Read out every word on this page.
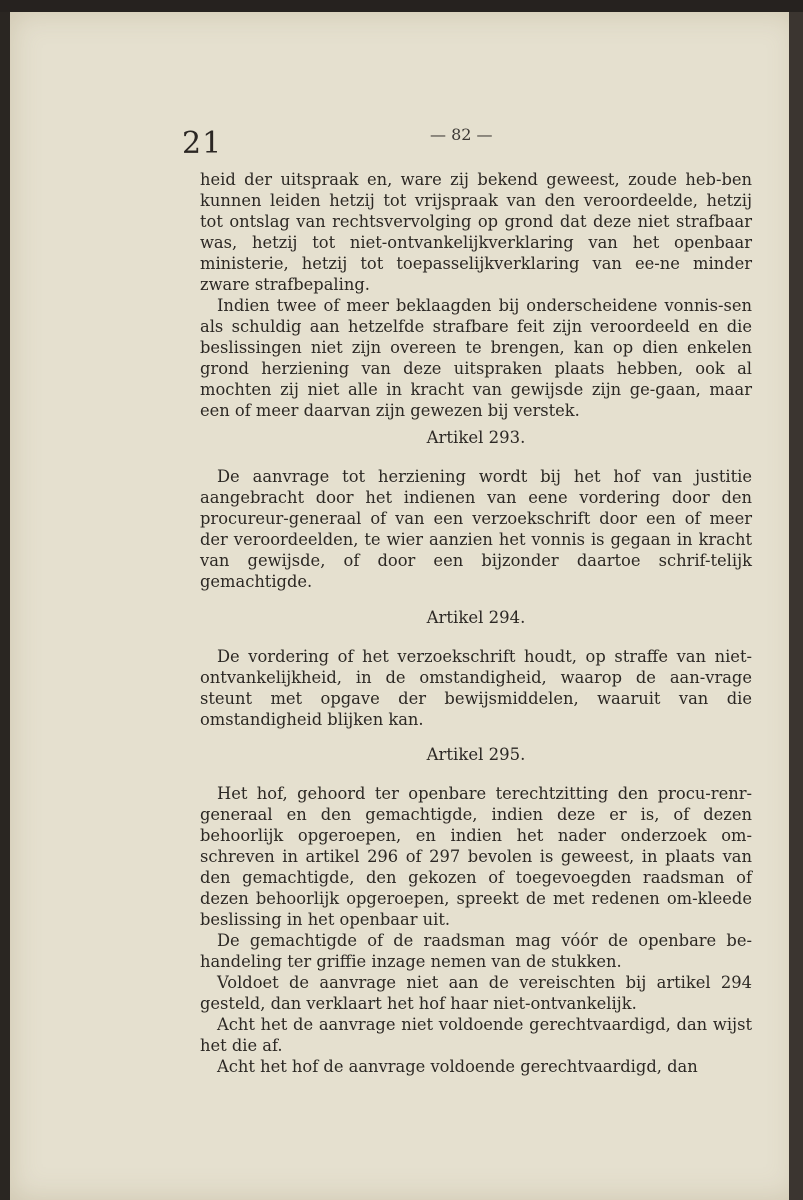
21	— 82 —

heid der uitspraak en, ware zij bekend geweest, zoude heb-ben kunnen leiden hetzij tot vrijspraak van den veroordeelde, hetzij tot ontslag van rechtsvervolging op grond dat deze niet strafbaar was, hetzij tot niet-ontvankelijkverklaring van het openbaar ministerie, hetzij tot toepasselijkverklaring van ee-ne minder zware strafbepaling.

Indien twee of meer beklaagden bij onderscheidene vonnis-sen als schuldig aan hetzelfde strafbare feit zijn veroordeeld en die beslissingen niet zijn overeen te brengen, kan op dien enkelen grond herziening van deze uitspraken plaats hebben, ook al mochten zij niet alle in kracht van gewijsde zijn ge-gaan, maar een of meer daarvan zijn gewezen bij verstek.

Artikel 293.

De aanvrage tot herziening wordt bij het hof van justitie aangebracht door het indienen van eene vordering door den procureur-generaal of van een verzoekschrift door een of meer der veroordeelden, te wier aanzien het vonnis is gegaan in kracht van gewijsde, of door een bijzonder daartoe schrif-telijk gemachtigde.

Artikel 294.

De vordering of het verzoekschrift houdt, op straffe van niet-ontvankelijkheid, in de omstandigheid, waarop de aan-vrage steunt met opgave der bewijsmiddelen, waaruit van die omstandigheid blijken kan.

Artikel 295.

Het hof, gehoord ter openbare terechtzitting den procu-renr-generaal en den gemachtigde, indien deze er is, of dezen behoorlijk opgeroepen, en indien het nader onderzoek om-schreven in artikel 296 of 297 bevolen is geweest, in plaats van den gemachtigde, den gekozen of toegevoegden raadsman of dezen behoorlijk opgeroepen, spreekt de met redenen om-kleede beslissing in het openbaar uit.

De gemachtigde of de raadsman mag vóór de openbare be-handeling ter griffie inzage nemen van de stukken.

Voldoet de aanvrage niet aan de vereischten bij artikel 294 gesteld, dan verklaart het hof haar niet-ontvankelijk.

Acht het de aanvrage niet voldoende gerechtvaardigd, dan wijst het die af.

Acht het hof de aanvrage voldoende gerechtvaardigd, dan
